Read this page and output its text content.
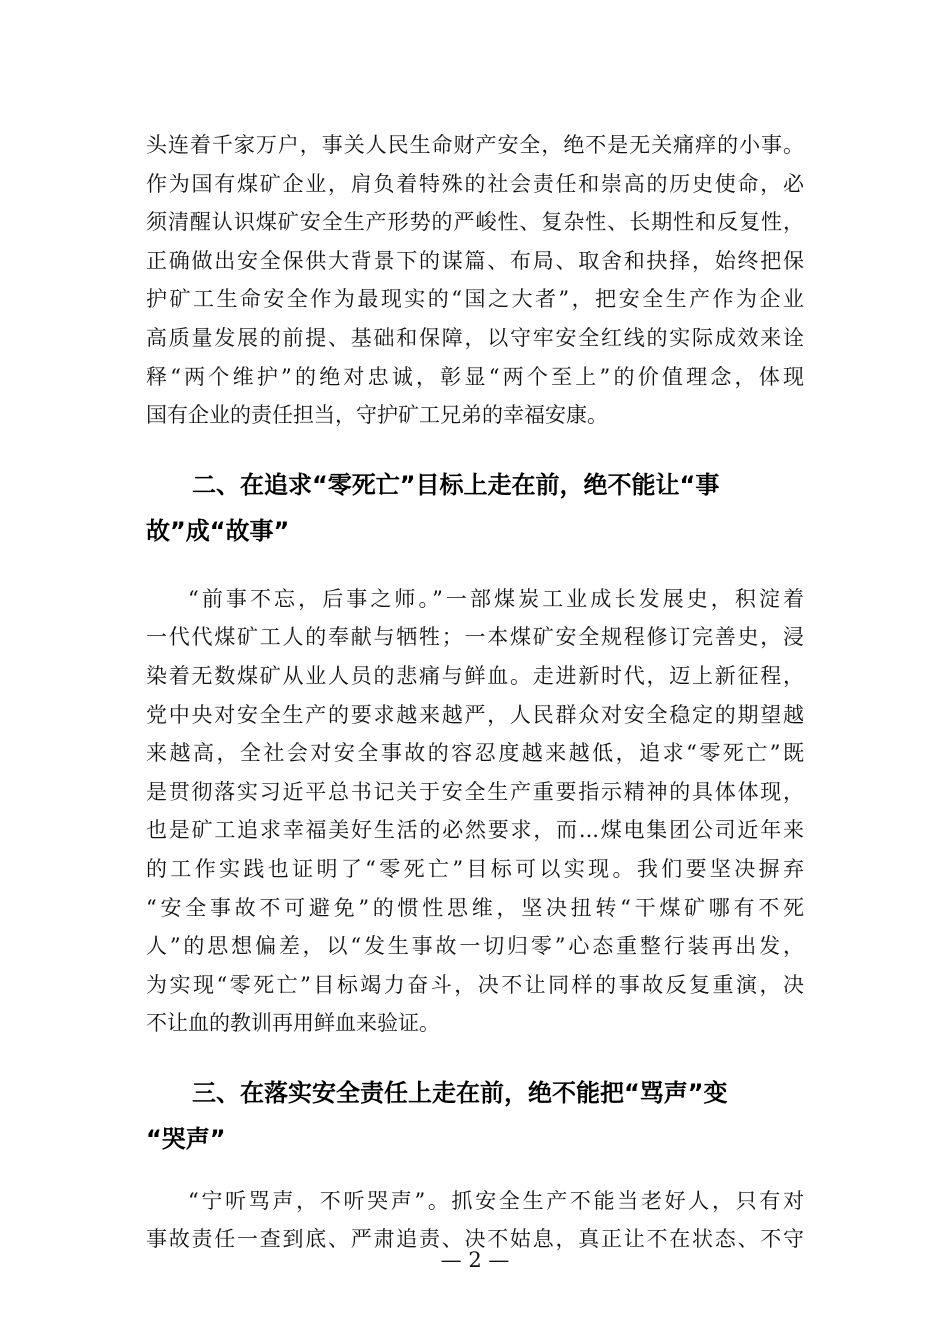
头连着千家万户，事关人民生命财产安全，绝不是无关痛痒的小事。
作为国有煤矿企业，肩负着特殊的社会责任和崇高的历史使命，必
须清醒认识煤矿安全生产形势的严峻性、复杂性、长期性和反复性，
正确做出安全保供大背景下的谋篇、布局、取舍和抉择，始终把保
护矿工生命安全作为最现实的“国之大者”，把安全生产作为企业
高质量发展的前提、基础和保障，以守牢安全红线的实际成效来诠
释“两个维护”的绝对忠诚，彰显“两个至上”的价值理念，体现
国有企业的责任担当，守护矿工兄弟的幸福安康。
二、在追求“零死亡”目标上走在前，绝不能让“事
故”成“故事”
“前事不忘，后事之师。”一部煤炭工业成长发展史，积淀着
一代代煤矿工人的奉献与牺牲；一本煤矿安全规程修订完善史，浸
染着无数煤矿从业人员的悲痛与鲜血。走进新时代，迈上新征程，
党中央对安全生产的要求越来越严，人民群众对安全稳定的期望越
来越高，全社会对安全事故的容忍度越来越低，追求“零死亡”既
是贯彻落实习近平总书记关于安全生产重要指示精神的具体体现，
也是矿工追求幸福美好生活的必然要求，而...煤电集团公司近年来
的工作实践也证明了“零死亡”目标可以实现。我们要坚决摒弃
“安全事故不可避免”的惯性思维，坚决扭转“干煤矿哪有不死
人”的思想偏差，以“发生事故一切归零”心态重整行装再出发，
为实现“零死亡”目标竭力奋斗，决不让同样的事故反复重演，决
不让血的教训再用鲜血来验证。
三、在落实安全责任上走在前，绝不能把“骂声”变
“哭声”
“宁听骂声，不听哭声”。抓安全生产不能当老好人，只有对
事故责任一查到底、严肃追责、决不姑息，真正让不在状态、不守
— 2 —
